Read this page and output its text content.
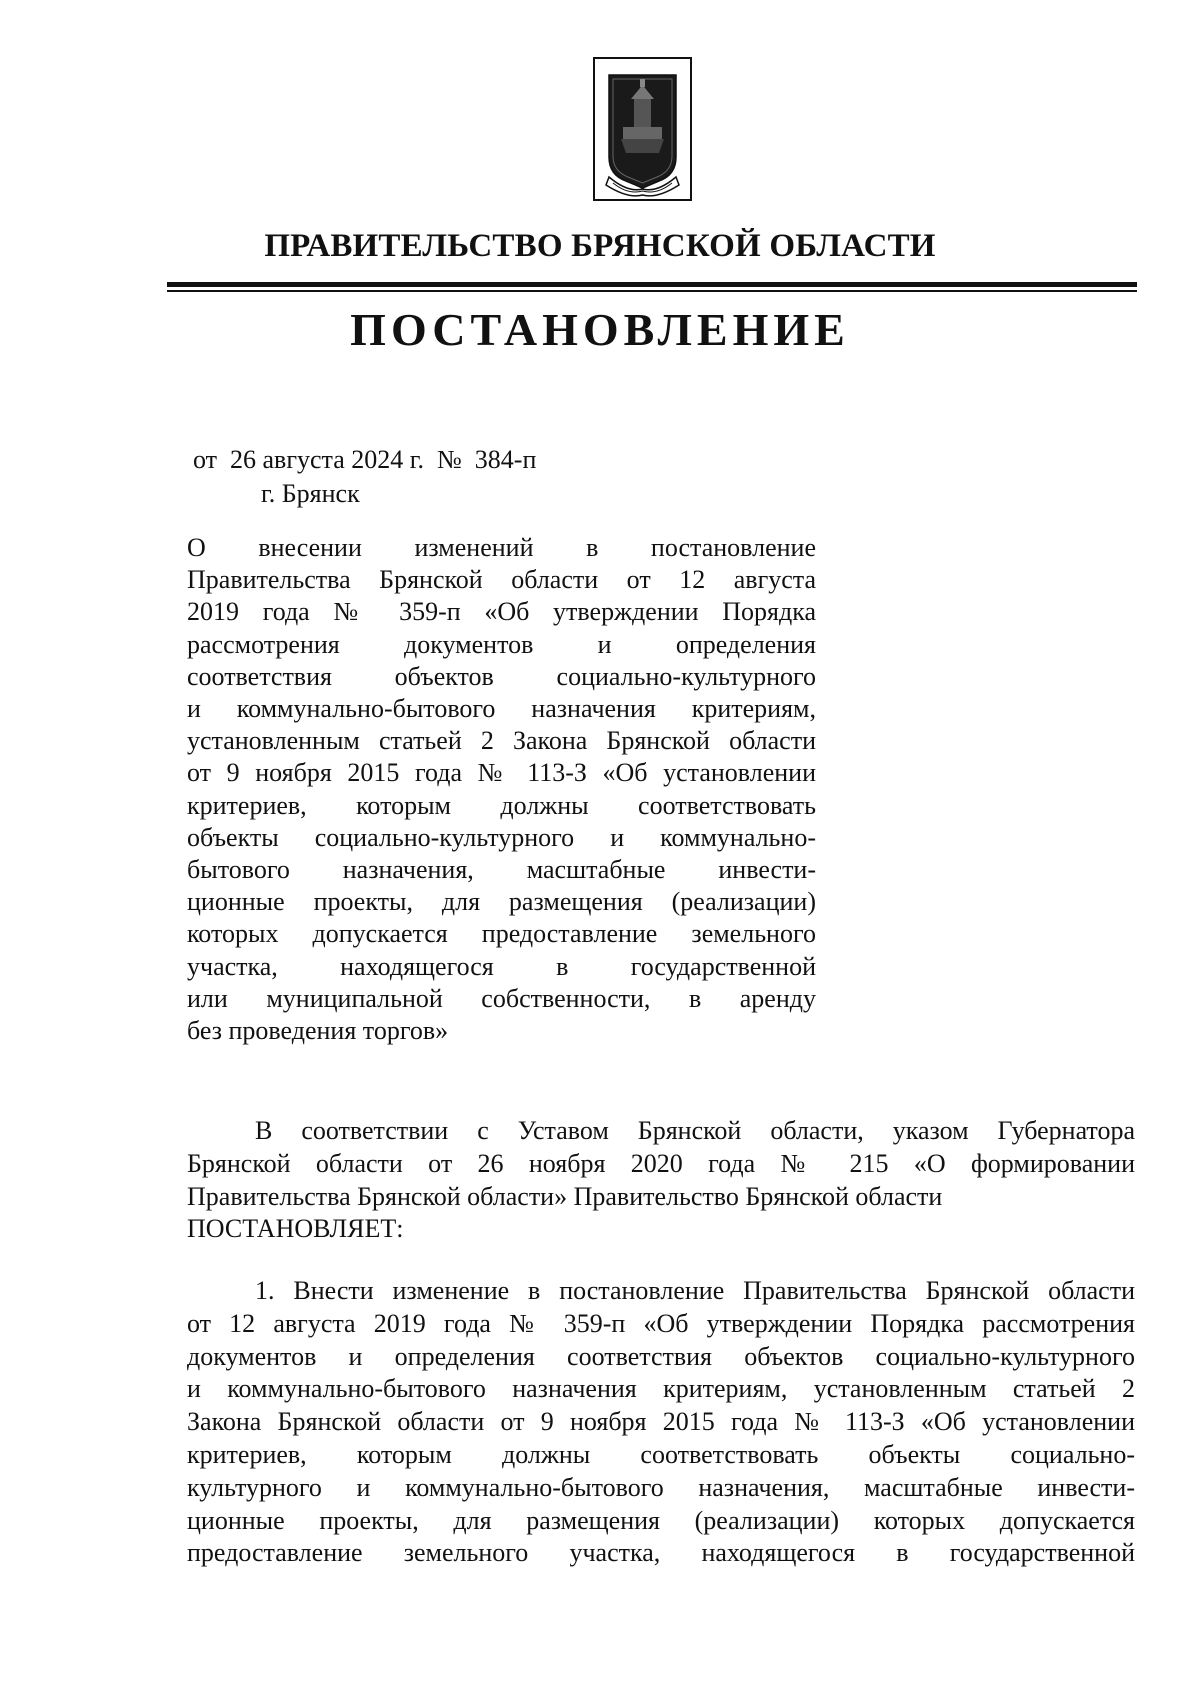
ПРАВИТЕЛЬСТВО БРЯНСКОЙ ОБЛАСТИ
ПОСТАНОВЛЕНИЕ
от  26 августа 2024 г.  №  384-п
г. Брянск
О внесении изменений в постановление
Правительства Брянской области от 12 августа
2019 года № 359-п «Об утверждении Порядка
рассмотрения документов и определения
соответствия объектов социально-культурного
и коммунально-бытового назначения критериям,
установленным статьей 2 Закона Брянской области
от 9 ноября 2015 года № 113-З «Об установлении
критериев, которым должны соответствовать
объекты социально-культурного и коммунально-
бытового назначения, масштабные инвести-
ционные проекты, для размещения (реализации)
которых допускается предоставление земельного
участка, находящегося в государственной
или муниципальной собственности, в аренду
без проведения торгов»
В соответствии с Уставом Брянской области, указом Губернатора
Брянской области от 26 ноября 2020 года № 215 «О формировании
Правительства Брянской области» Правительство Брянской области
ПОСТАНОВЛЯЕТ:
1. Внести изменение в постановление Правительства Брянской области
от 12 августа 2019 года № 359-п «Об утверждении Порядка рассмотрения
документов и определения соответствия объектов социально-культурного
и коммунально-бытового назначения критериям, установленным статьей 2
Закона Брянской области от 9 ноября 2015 года № 113-З «Об установлении
критериев, которым должны соответствовать объекты социально-
культурного и коммунально-бытового назначения, масштабные инвести-
ционные проекты, для размещения (реализации) которых допускается
предоставление земельного участка, находящегося в государственной
